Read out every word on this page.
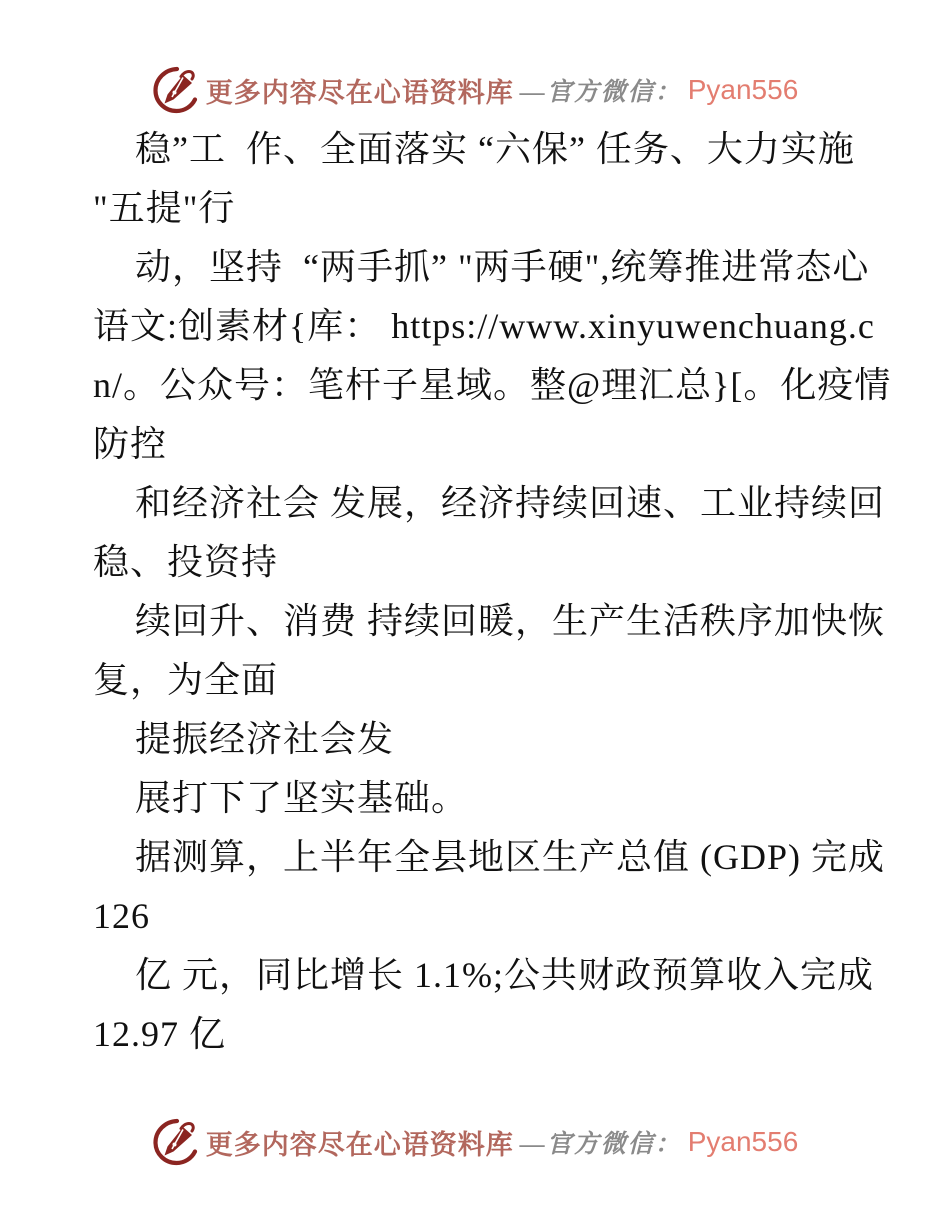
更多内容尽在心语资料库 —官方微信： Pyan556
稳”工  作、全面落实 “六保” 任务、大力实施
"五提"行
动，坚持  “两手抓” "两手硬",统筹推进常态心
语文:创素材{库： https://www.xinyuwenchuang.c
n/。公众号：笔杆子星域。整@理汇总}[。化疫情
防控
和经济社会 发展，经济持续回速、工业持续回
稳、投资持
续回升、消费 持续回暖，生产生活秩序加快恢
复，为全面
提振经济社会发
展打下了坚实基础。
据测算，上半年全县地区生产总值 (GDP) 完成
126
亿 元，同比增长 1.1%;公共财政预算收入完成
12.97 亿
更多内容尽在心语资料库 —官方微信： Pyan556
